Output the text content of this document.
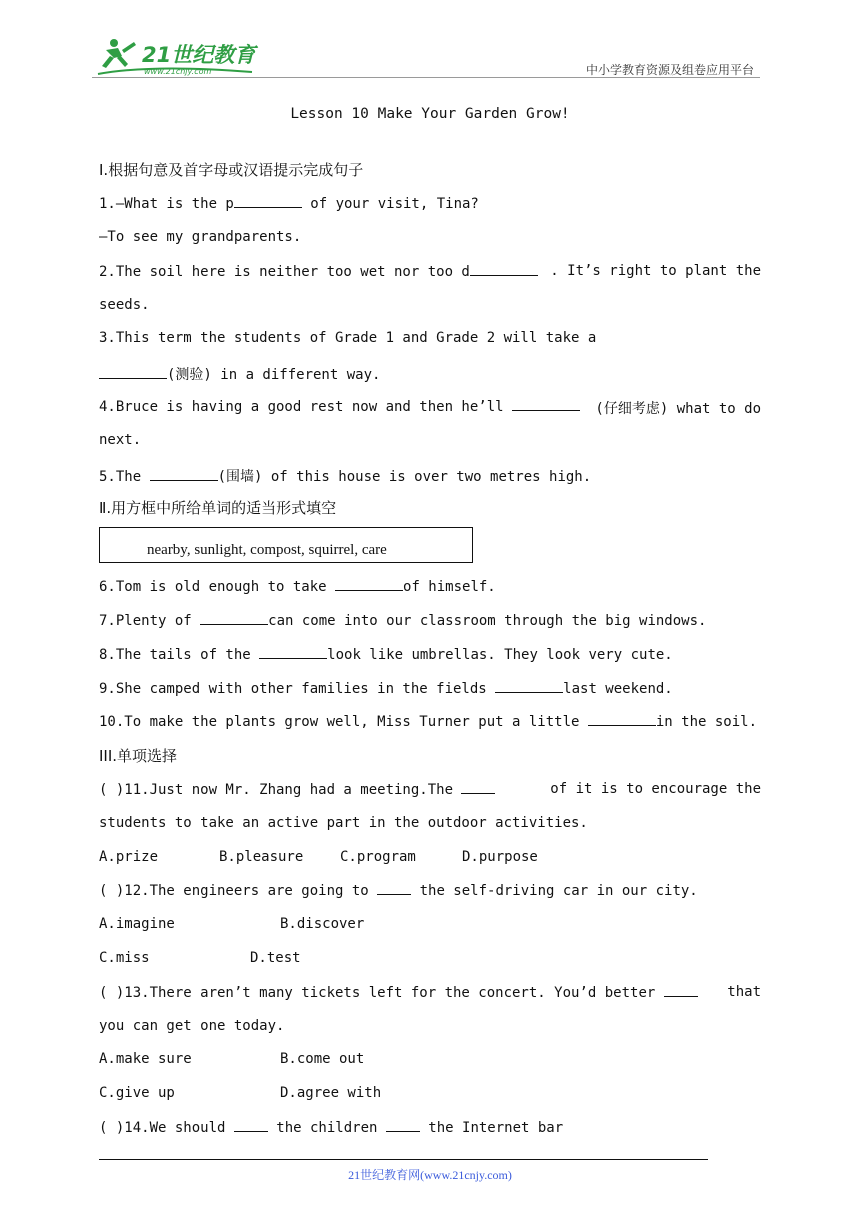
21世纪教育
www.21cnjy.com	中小学教育资源及组卷应用平台
Lesson 10 Make Your Garden Grow!
Ⅰ.根据句意及首字母或汉语提示完成句子
1.—What is the p	of your visit, Tina?
—To see my grandparents.
2.The soil here is neither too wet nor too d	. It’s right to plant the
seeds.
3.This term the students of Grade 1 and Grade 2 will take a
(测验) in a different way.
4.Bruce is having a good rest now and then he’ll	(仔细考虑) what to do
next.
5.The	(围墙) of this house is over two metres high.
Ⅱ.用方框中所给单词的适当形式填空
nearby, sunlight, compost, squirrel, care
6.Tom is old enough to take	of himself.
7.Plenty of	can come into our classroom through the big windows.
8.The tails of the	look like umbrellas. They look very cute.
9.She camped with other families in the fields	last weekend.
10.To make the plants grow well, Miss Turner put a little	in the soil.
III.单项选择
( )11.Just now Mr. Zhang had a meeting.The	of it is to encourage the
students to take an active part in the outdoor activities.
A.prize	B.pleasure	C.program	D.purpose
( )12.The engineers are going to  the self-driving car in our city.
A.imagine	B.discover
C.miss	D.test
( )13.There aren’t many tickets left for the concert. You’d better	that
you can get one today.
A.make sure	B.come out
C.give up	D.agree with
( )14.We should  the children  the Internet bar
21世纪教育网(www.21cnjy.com)
